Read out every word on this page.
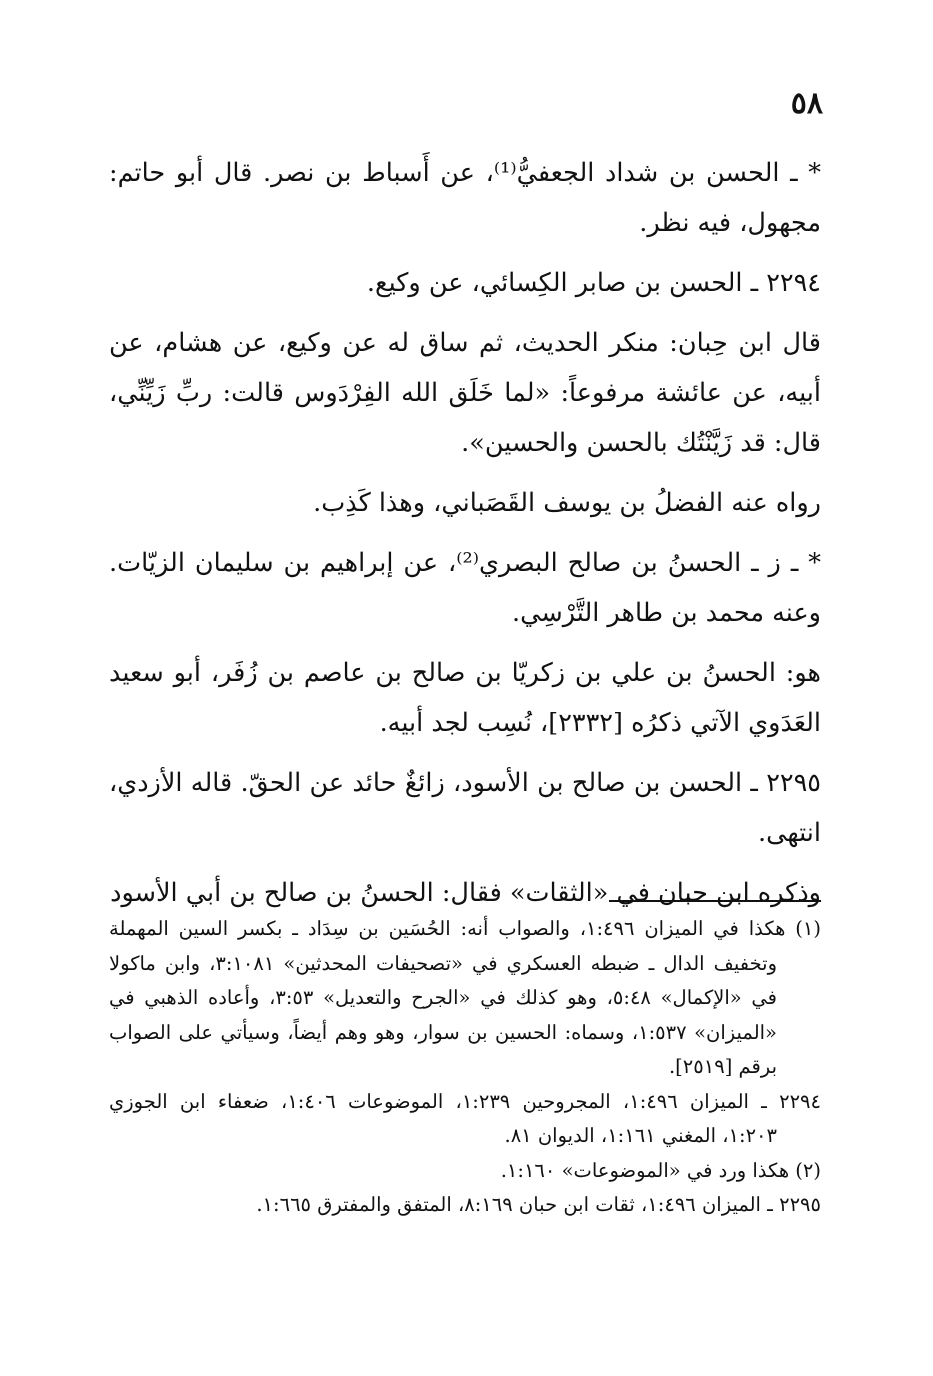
٥٨

* ـ الحسن بن شداد الجعفيُّ⁽¹⁾، عن أَسباط بن نصر. قال أبو حاتم: مجهول، فيه نظر.

٢٢٩٤ ـ الحسن بن صابر الكِسائي، عن وكيع.

قال ابن حِبان: منكر الحديث، ثم ساق له عن وكيع، عن هشام، عن أبيه، عن عائشة مرفوعاً: «لما خَلَق الله الفِرْدَوس قالت: ربِّ زَيِّنِّي، قال: قد زَيَّنْتُك بالحسن والحسين».

رواه عنه الفضلُ بن يوسف القَصَباني، وهذا كَذِب.

* ـ ز ـ الحسنُ بن صالح البصري⁽²⁾، عن إبراهيم بن سليمان الزيّات. وعنه محمد بن طاهر التَّرْسِي.

هو: الحسنُ بن علي بن زكريّا بن صالح بن عاصم بن زُفَر، أبو سعيد العَدَوي الآتي ذكرُه [٢٣٣٢]، نُسِب لجد أبيه.

٢٢٩٥ ـ الحسن بن صالح بن الأسود، زائغٌ حائد عن الحقّ. قاله الأزدي، انتهى.

وذكره ابن حبان في «الثقات» فقال: الحسنُ بن صالح بن أبي الأسود

(١) هكذا في الميزان ١:٤٩٦، والصواب أنه: الحُسَين بن سِدَاد ـ بكسر السين المهملة وتخفيف الدال ـ ضبطه العسكري في «تصحيفات المحدثين» ٣:١٠٨١، وابن ماكولا في «الإكمال» ٥:٤٨، وهو كذلك في «الجرح والتعديل» ٣:٥٣، وأعاده الذهبي في «الميزان» ١:٥٣٧، وسماه: الحسين بن سوار، وهو وهم أيضاً، وسيأتي على الصواب برقم [٢٥١٩].

٢٢٩٤ ـ الميزان ١:٤٩٦، المجروحين ١:٢٣٩، الموضوعات ١:٤٠٦، ضعفاء ابن الجوزي ١:٢٠٣، المغني ١:١٦١، الديوان ٨١.

(٢) هكذا ورد في «الموضوعات» ١:١٦٠.

٢٢٩٥ ـ الميزان ١:٤٩٦، ثقات ابن حبان ٨:١٦٩، المتفق والمفترق ١:٦٦٥.
